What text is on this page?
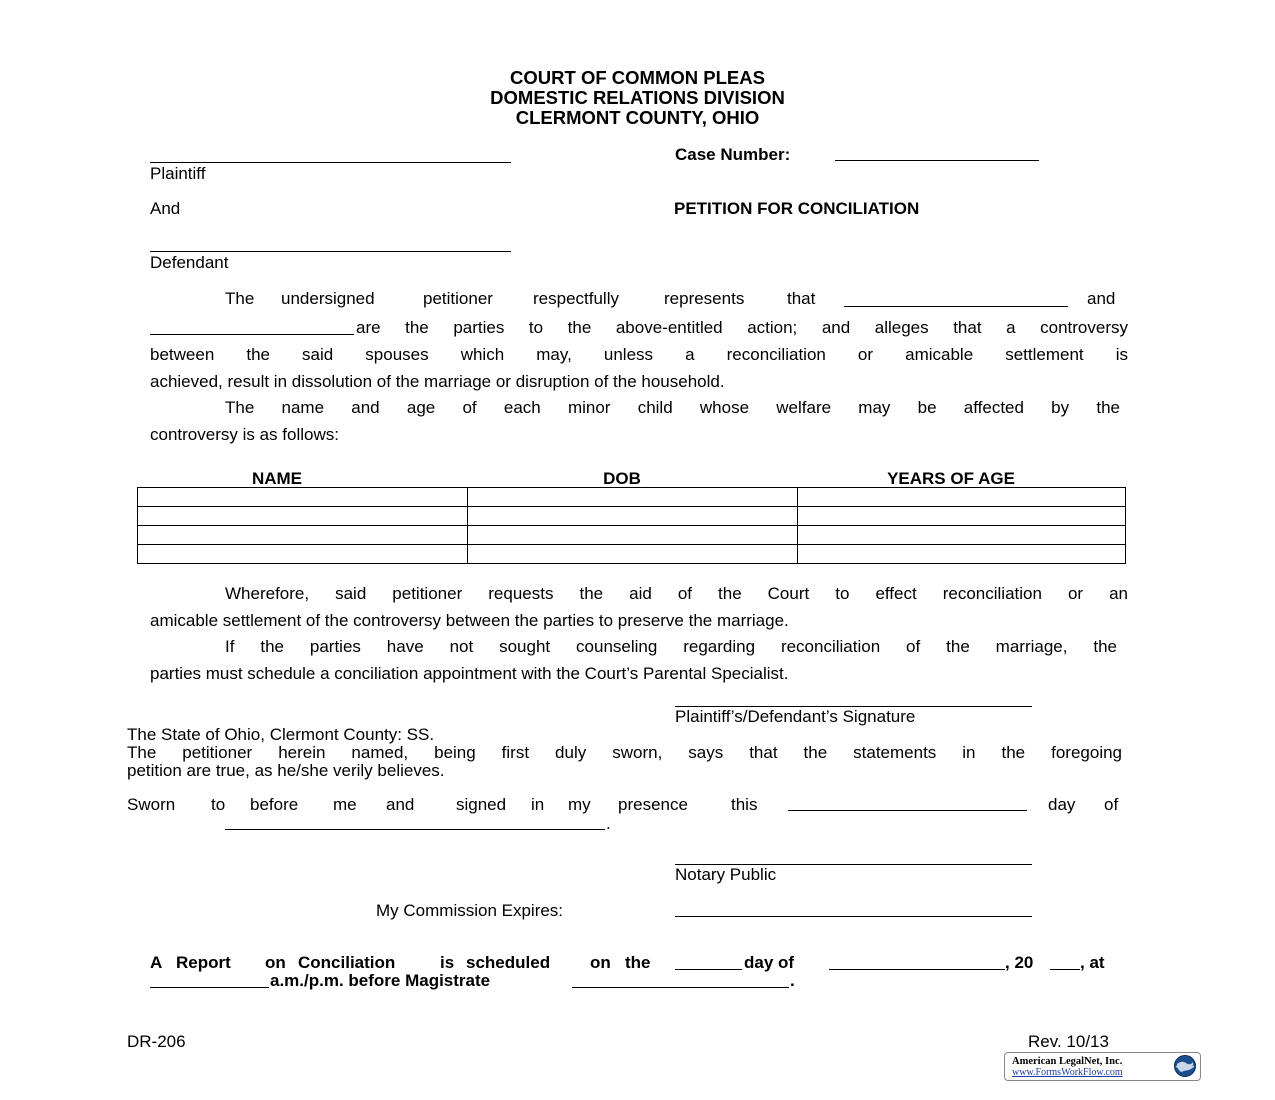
COURT OF COMMON PLEAS
DOMESTIC RELATIONS DIVISION
CLERMONT COUNTY, OHIO
Plaintiff
And
Defendant
Case Number:
PETITION FOR CONCILIATION
The undersigned	petitioner respectfully	represents	that	and
are the parties to the above-entitled action; and alleges that a controversy
between the said spouses which may, unless a reconciliation or amicable settlement is
achieved, result in dissolution of the marriage or disruption of the household.
The name and age of each minor child whose welfare may be affected by the
controversy is as follows:
NAME	DOB	YEARS OF AGE

Wherefore, said petitioner requests the aid of the Court to effect reconciliation or an
amicable settlement of the controversy between the parties to preserve the marriage.
If the parties have not sought counseling regarding reconciliation of the marriage, the
parties must schedule a conciliation appointment with the Court’s Parental Specialist.
Plaintiff’s/Defendant’s Signature
The State of Ohio, Clermont County: SS.
The petitioner herein named, being first duly sworn, says that the statements in the foregoing
petition are true, as he/she verily believes.
Sworn to before me and signed in my presence	this	day of
.
Notary Public
My Commission Expires:
A Report on Conciliation	is scheduled on the	day of	, 20	, at
a.m./p.m. before Magistrate	.
DR-206	Rev. 10/13
American LegalNet, Inc.
www.FormsWorkFlow.com
